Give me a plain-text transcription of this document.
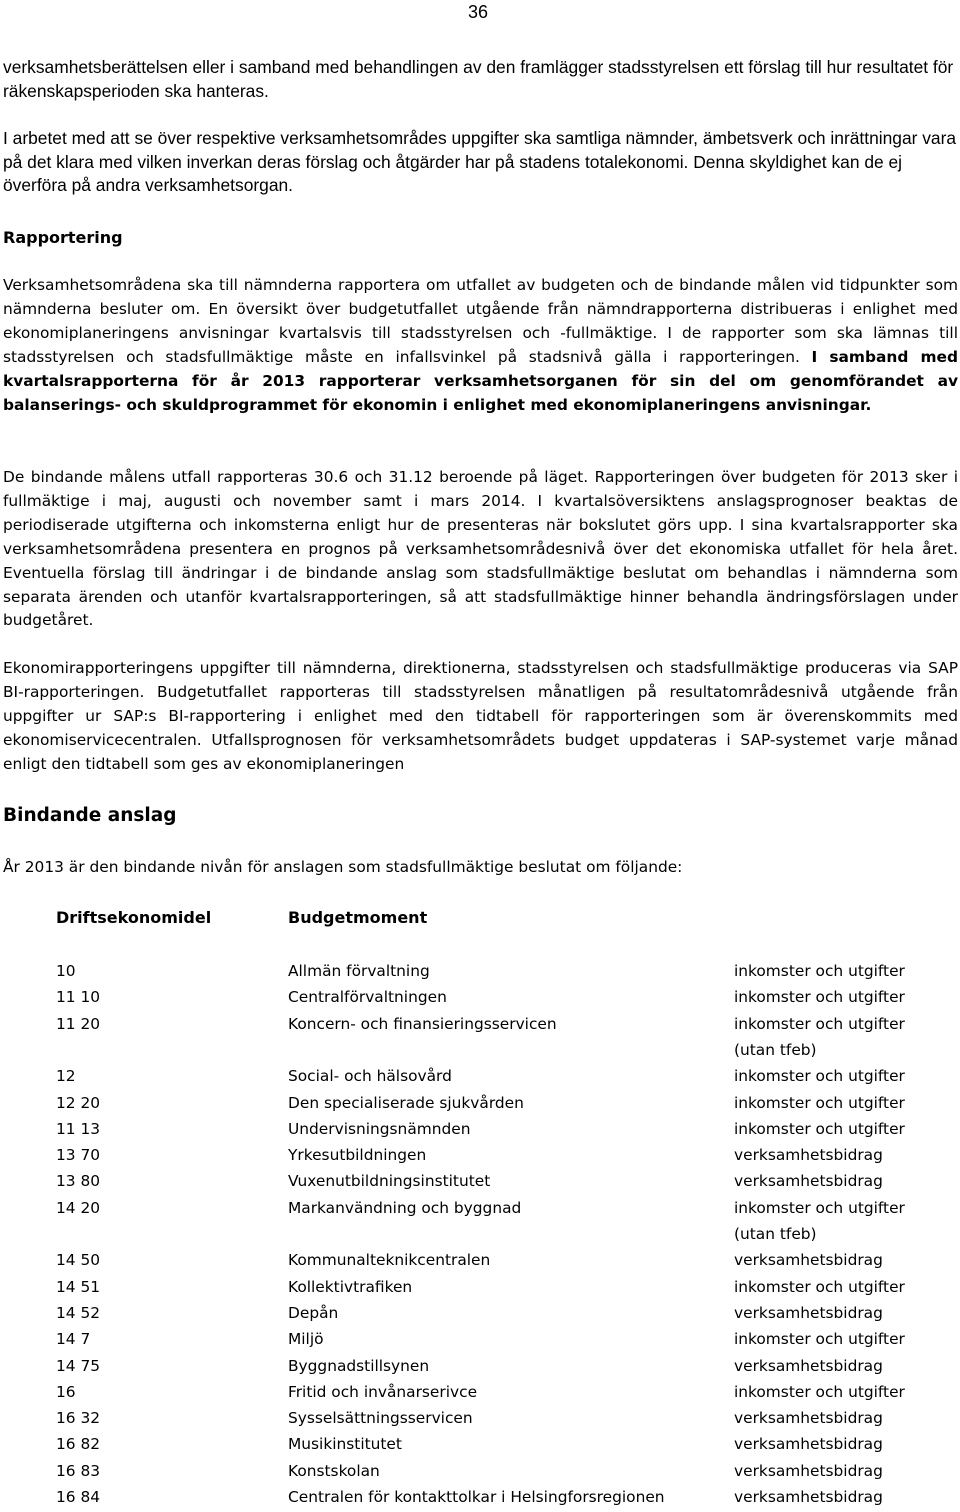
36

verksamhetsberättelsen eller i samband med behandlingen av den framlägger stadsstyrelsen ett förslag till hur resultatet för räkenskapsperioden ska hanteras.

I arbetet med att se över respektive verksamhetsområdes uppgifter ska samtliga nämnder, ämbetsverk och inrättningar vara på det klara med vilken inverkan deras förslag och åtgärder har på stadens totalekonomi. Denna skyldighet kan de ej överföra på andra verksamhetsorgan.

Rapportering

Verksamhetsområdena ska till nämnderna rapportera om utfallet av budgeten och de bindande målen vid tidpunkter som nämnderna besluter om. En översikt över budgetutfallet utgående från nämndrapporterna distribueras i enlighet med ekonomiplaneringens anvisningar kvartalsvis till stadsstyrelsen och -fullmäktige. I de rapporter som ska lämnas till stadsstyrelsen och stadsfullmäktige måste en infallsvinkel på stadsnivå gälla i rapporteringen. I samband med kvartalsrapporterna för år 2013 rapporterar verksamhetsorganen för sin del om genomförandet av balanserings- och skuldprogrammet för ekonomin i enlighet med ekonomiplaneringens anvisningar.

De bindande målens utfall rapporteras 30.6 och 31.12 beroende på läget. Rapporteringen över budgeten för 2013 sker i fullmäktige i maj, augusti och november samt i mars 2014. I kvartalsöversiktens anslagsprognoser beaktas de periodiserade utgifterna och inkomsterna enligt hur de presenteras när bokslutet görs upp. I sina kvartalsrapporter ska verksamhetsområdena presentera en prognos på verksamhetsområdesnivå över det ekonomiska utfallet för hela året. Eventuella förslag till ändringar i de bindande anslag som stadsfullmäktige beslutat om behandlas i nämnderna som separata ärenden och utanför kvartalsrapporteringen, så att stadsfullmäktige hinner behandla ändringsförslagen under budgetåret.

Ekonomirapporteringens uppgifter till nämnderna, direktionerna, stadsstyrelsen och stadsfullmäktige produceras via SAP BI-rapporteringen. Budgetutfallet rapporteras till stadsstyrelsen månatligen på resultatområdesnivå utgående från uppgifter ur SAP:s BI-rapportering i enlighet med den tidtabell för rapporteringen som är överenskommits med ekonomiservicecentralen. Utfallsprognosen för verksamhetsområdets budget uppdateras i SAP-systemet varje månad enligt den tidtabell som ges av ekonomiplaneringen

Bindande anslag

År 2013 är den bindande nivån för anslagen som stadsfullmäktige beslutat om följande:

Driftsekonomidel	Budgetmoment
10	Allmän förvaltning	inkomster och utgifter
11 10	Centralförvaltningen	inkomster och utgifter
11 20	Koncern- och finansieringsservicen	inkomster och utgifter
(utan tfeb)
12	Social- och hälsovård	inkomster och utgifter
12 20	Den specialiserade sjukvården	inkomster och utgifter
11 13	Undervisningsnämnden	inkomster och utgifter
13 70	Yrkesutbildningen	verksamhetsbidrag
13 80	Vuxenutbildningsinstitutet	verksamhetsbidrag
14 20	Markanvändning och byggnad	inkomster och utgifter
(utan tfeb)
14 50	Kommunalteknikcentralen	verksamhetsbidrag
14 51	Kollektivtrafiken	inkomster och utgifter
14 52	Depån	verksamhetsbidrag
14 7	Miljö	inkomster och utgifter
14 75	Byggnadstillsynen	verksamhetsbidrag
16	Fritid och invånarserivce	inkomster och utgifter
16 32	Sysselsättningsservicen	verksamhetsbidrag
16 82	Musikinstitutet	verksamhetsbidrag
16 83	Konstskolan	verksamhetsbidrag
16 84	Centralen för kontakttolkar i Helsingforsregionen	verksamhetsbidrag
